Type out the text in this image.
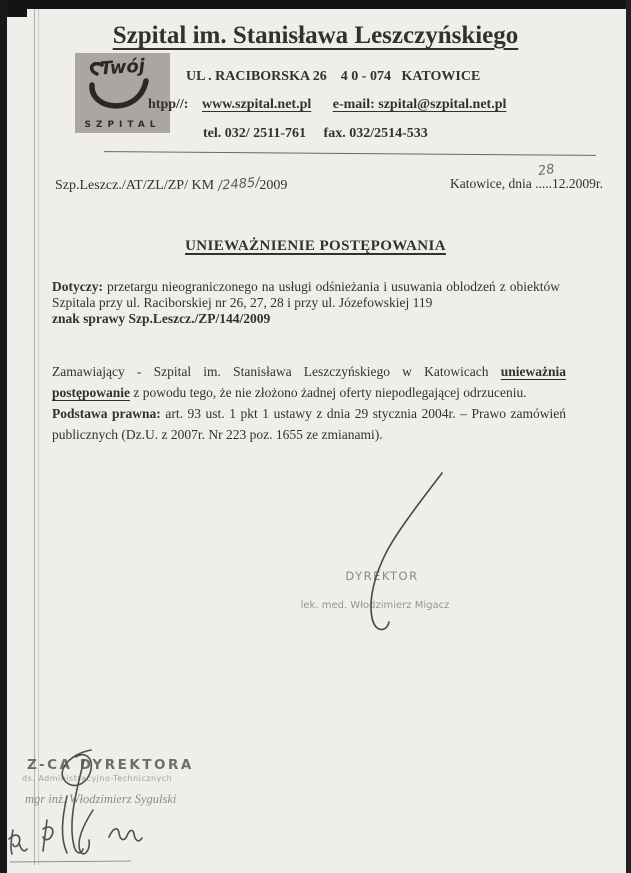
Szpital im. Stanisława Leszczyńskiego
Twój
SZPITAL
UL . RACIBORSKA 26    4 0 - 074   KATOWICE
htpp//: www.szpital.net.pl e-mail: szpital@szpital.net.pl
tel. 032/ 2511-761     fax. 032/2514-533
Szp.Leszcz./AT/ZL/ZP/ KM /2485/2009	Katowice, dnia
28
.....12.2009r.
UNIEWAŻNIENIE POSTĘPOWANIA
Dotyczy: przetargu nieograniczonego na usługi odśnieżania i usuwania oblodzeń z obiektów Szpitala przy ul. Raciborskiej nr 26, 27, 28 i przy ul. Józefowskiej 119
znak sprawy Szp.Leszcz./ZP/144/2009
Zamawiający - Szpital im. Stanisława Leszczyńskiego w Katowicach unieważnia postępowanie z powodu tego, że nie złożono żadnej oferty niepodlegającej odrzuceniu.
Podstawa prawna: art. 93 ust. 1 pkt 1 ustawy z dnia 29 stycznia 2004r. – Prawo zamówień publicznych (Dz.U. z 2007r. Nr 223 poz. 1655 ze zmianami).
DYREKTOR
lek. med. Włodzimierz Migacz
Z-CA DYREKTORA
ds. Administracyjno-Technicznych
mgr inż. Włodzimierz Sygulski
